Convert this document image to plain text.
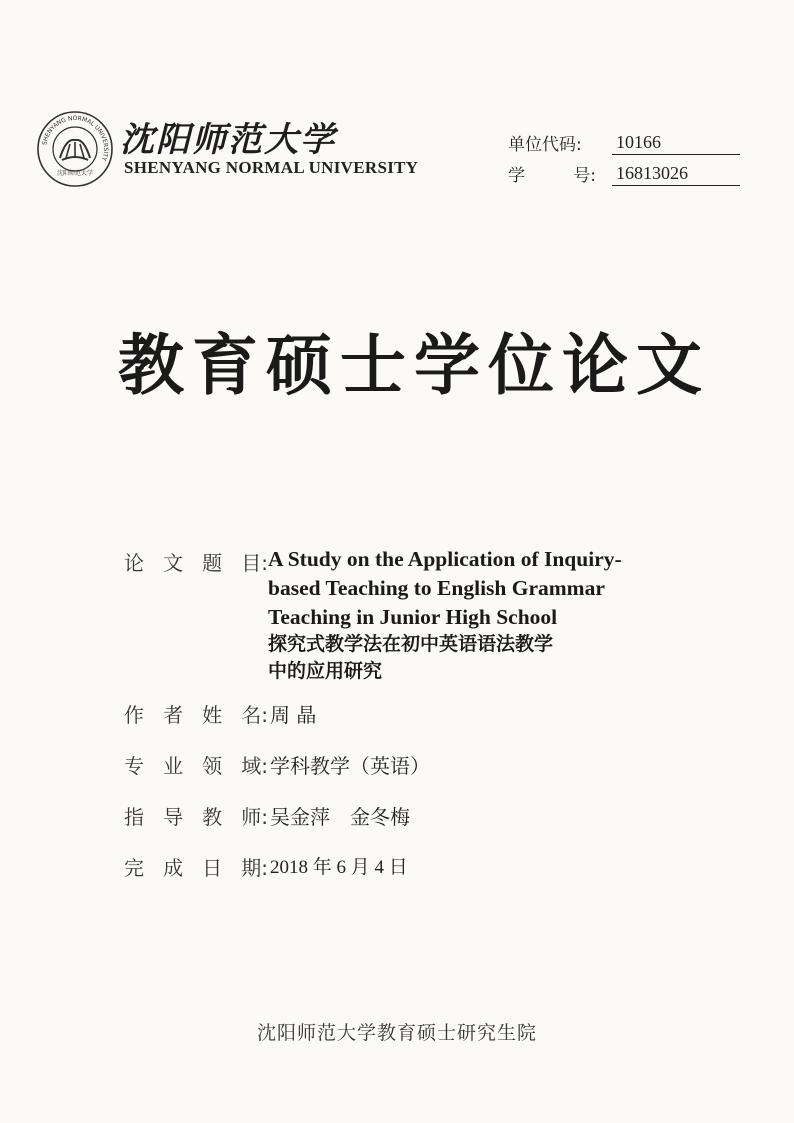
SHENYANG NORMAL UNIVERSITY
沈阳师范大学
沈阳师范大学
SHENYANG NORMAL UNIVERSITY
单位代码:	10166
学	号: 16813026
教育硕士学位论文
论 文 题 目: A Study on the Application of Inquiry-
based Teaching to English Grammar
Teaching in Junior High School
探究式教学法在初中英语语法教学
中的应用研究
作 者 姓 名: 周 晶
专 业 领 域: 学科教学（英语）
指 导 教 师: 吴金萍　金冬梅
完 成 日 期: 2018 年 6 月 4 日
沈阳师范大学教育硕士研究生院
